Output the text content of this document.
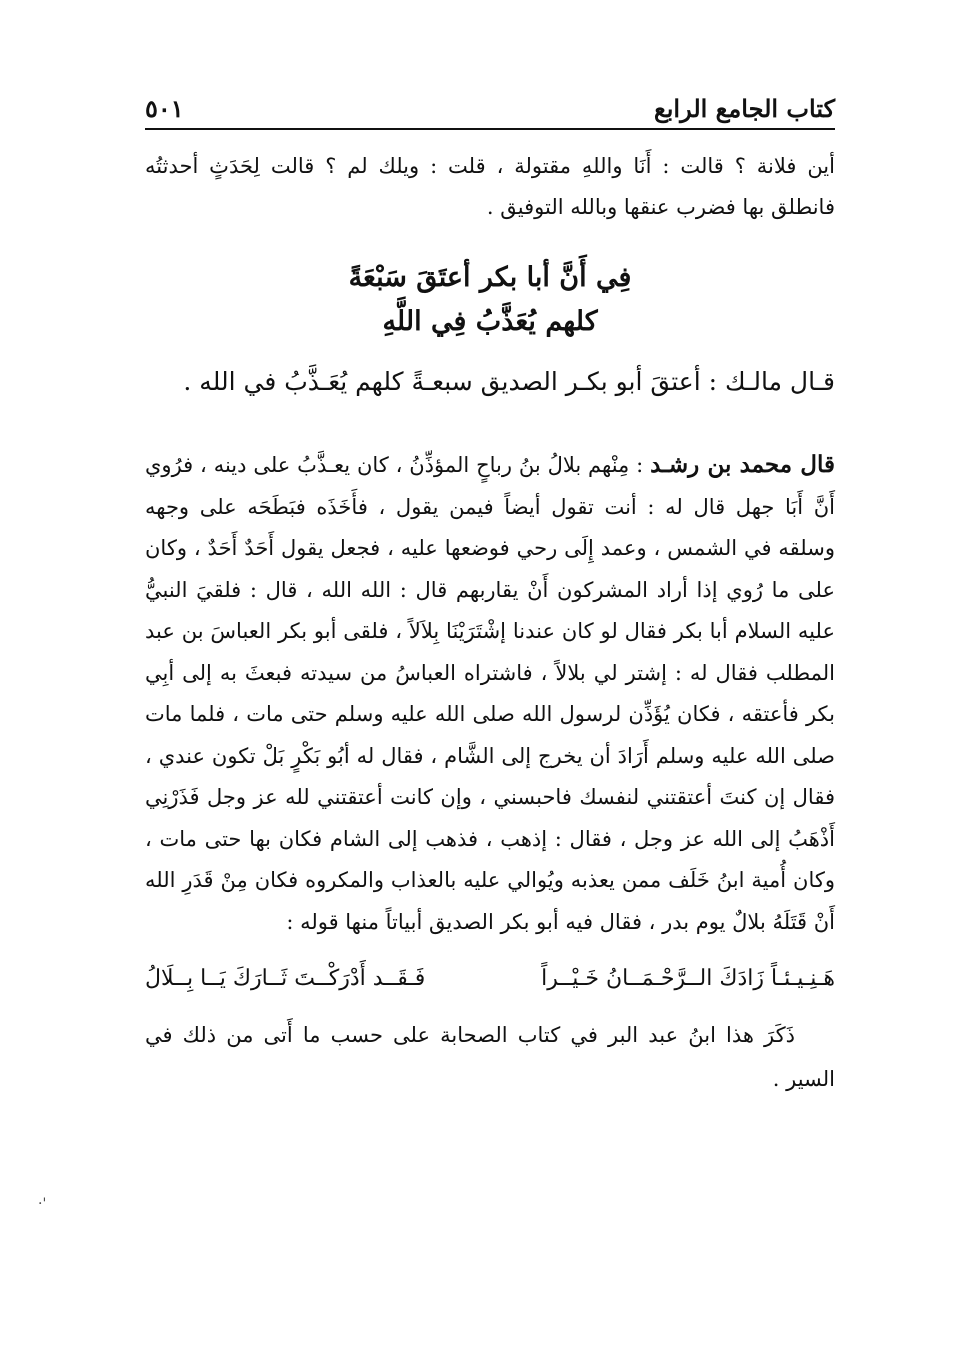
كتاب الجامع الرابع
٥٠١

أين فلانة ؟ قالت : أَنَا واللهِ مقتولة ، قلت : ويلك لم ؟ قالت لِحَدَثٍ أحدثتُه فانطلق بها فضرب عنقها وبالله التوفيق .

فِي أَنَّ أبا بكر أعتَقَ سَبْعَةً
كلهم يُعَذَّبُ فِي اللَّهِ

قـال مالـك : أعتقَ أبو بكـر الصديق سبعـةً كلهم يُعَـذَّبُ في الله .

قال محمد بن رشـد : مِنْهم بلالُ بنُ رباحٍ المؤذِّنُ ، كان يعـذَّبُ على دينه ، فرُوي أَنَّ أَبَا جهل قال له : أنت تقول أيضاً فيمن يقول ، فأَخَذَه فبَطَحَه على وجهه وسلقه في الشمس ، وعمد إِلَى رحي فوضعها عليه ، فجعل يقول أَحَدٌ أَحَدٌ ، وكان على ما رُوي إذا أراد المشركون أَنْ يقاربهم قال : الله الله ، قال : فلقيَ النبيُّ عليه السلام أبا بكر فقال لو كان عندنا إشْتَرَيْنَا بِلاَلاً ، فلقى أبو بكر العباسَ بن عبد المطلب فقال له : إشتر لي بلالاً ، فاشتراه العباسُ من سيدته فبعثَ به إلى أبِي بكر فأعتقه ، فكان يُؤَذِّن لرسول الله صلى الله عليه وسلم حتى مات ، فلما مات صلى الله عليه وسلم أَرَادَ أن يخرج إلى الشَّام ، فقال له أبُو بَكْرٍ بَلْ تكون عندي ، فقال إن كنتَ أعتقتني لنفسك فاحبسني ، وإن كانت أعتقتني لله عز وجل فَذَرْنِي أَذْهَبُ إلى الله عز وجل ، فقال : إذهب ، فذهب إلى الشام فكان بها حتى مات ، وكان أُمية ابنُ خَلَف ممن يعذبه ويُوالي عليه بالعذاب والمكروه فكان مِنْ قَدَرِ الله أَنْ قَتَلَهُ بلالٌ يوم بدر ، فقال فيه أبو بكر الصديق أبياتاً منها قوله :

هَـنِـيـئـاً زَادَكَ الــرَّحْـمَــانُ خَـيْــراً
فَـقَــد أَدْرَكْــتَ ثَــارَكَ يَــا بِــلَالُ

ذَكَرَ هذا ابنُ عبد البر في كتاب الصحابة على حسب ما أَتى من ذلك في السير .

·'
